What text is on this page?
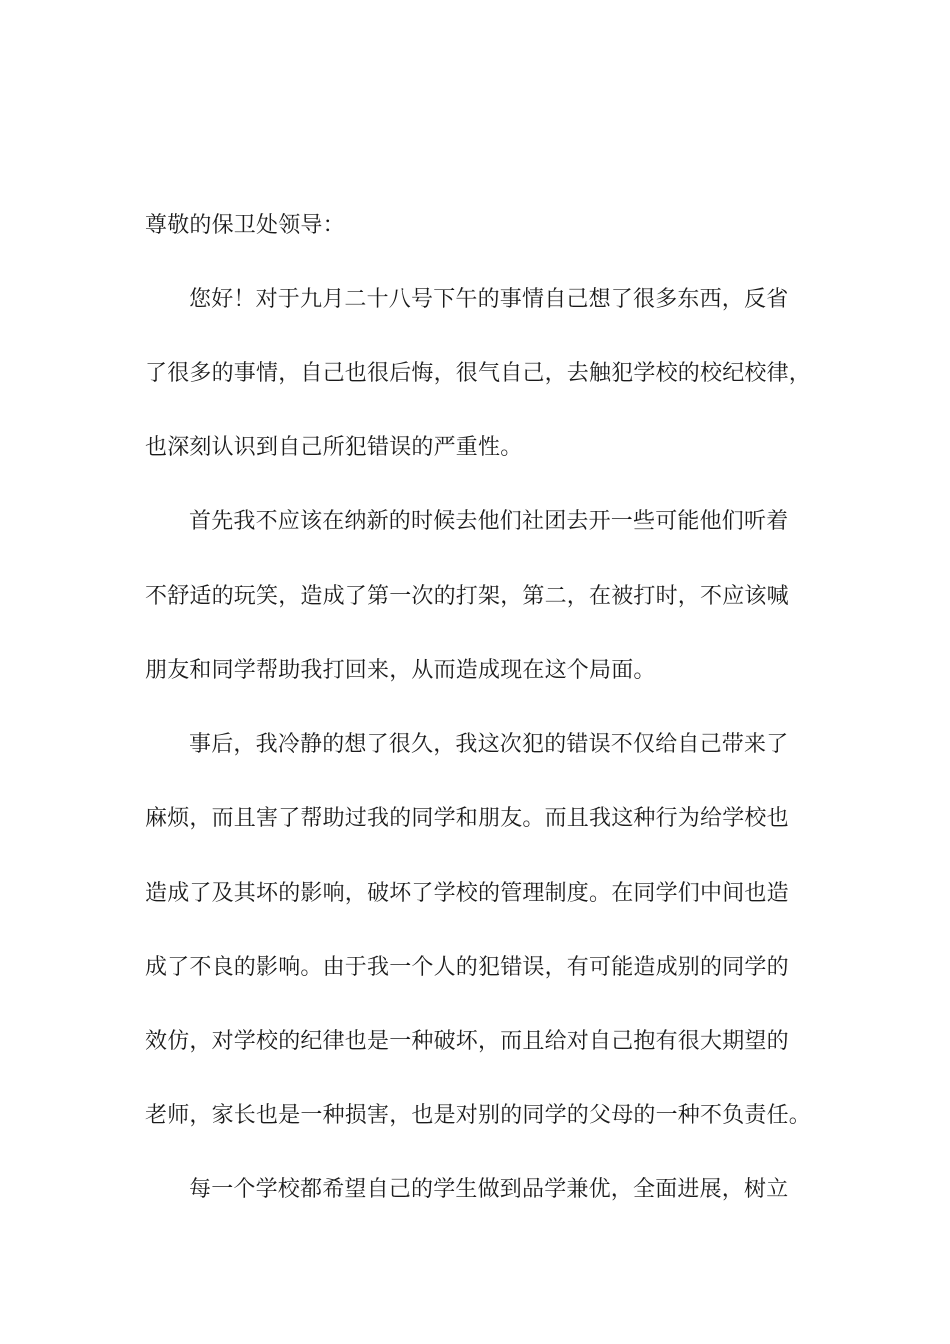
尊敬的保卫处领导：
您好！对于九月二十八号下午的事情自己想了很多东西，反省
了很多的事情，自己也很后悔，很气自己，去触犯学校的校纪校律，
也深刻认识到自己所犯错误的严重性。
首先我不应该在纳新的时候去他们社团去开一些可能他们听着
不舒适的玩笑，造成了第一次的打架，第二，在被打时，不应该喊
朋友和同学帮助我打回来，从而造成现在这个局面。
事后，我冷静的想了很久，我这次犯的错误不仅给自己带来了
麻烦，而且害了帮助过我的同学和朋友。而且我这种行为给学校也
造成了及其坏的影响，破坏了学校的管理制度。在同学们中间也造
成了不良的影响。由于我一个人的犯错误，有可能造成别的同学的
效仿，对学校的纪律也是一种破坏，而且给对自己抱有很大期望的
老师，家长也是一种损害，也是对别的同学的父母的一种不负责任。
每一个学校都希望自己的学生做到品学兼优，全面进展，树立
